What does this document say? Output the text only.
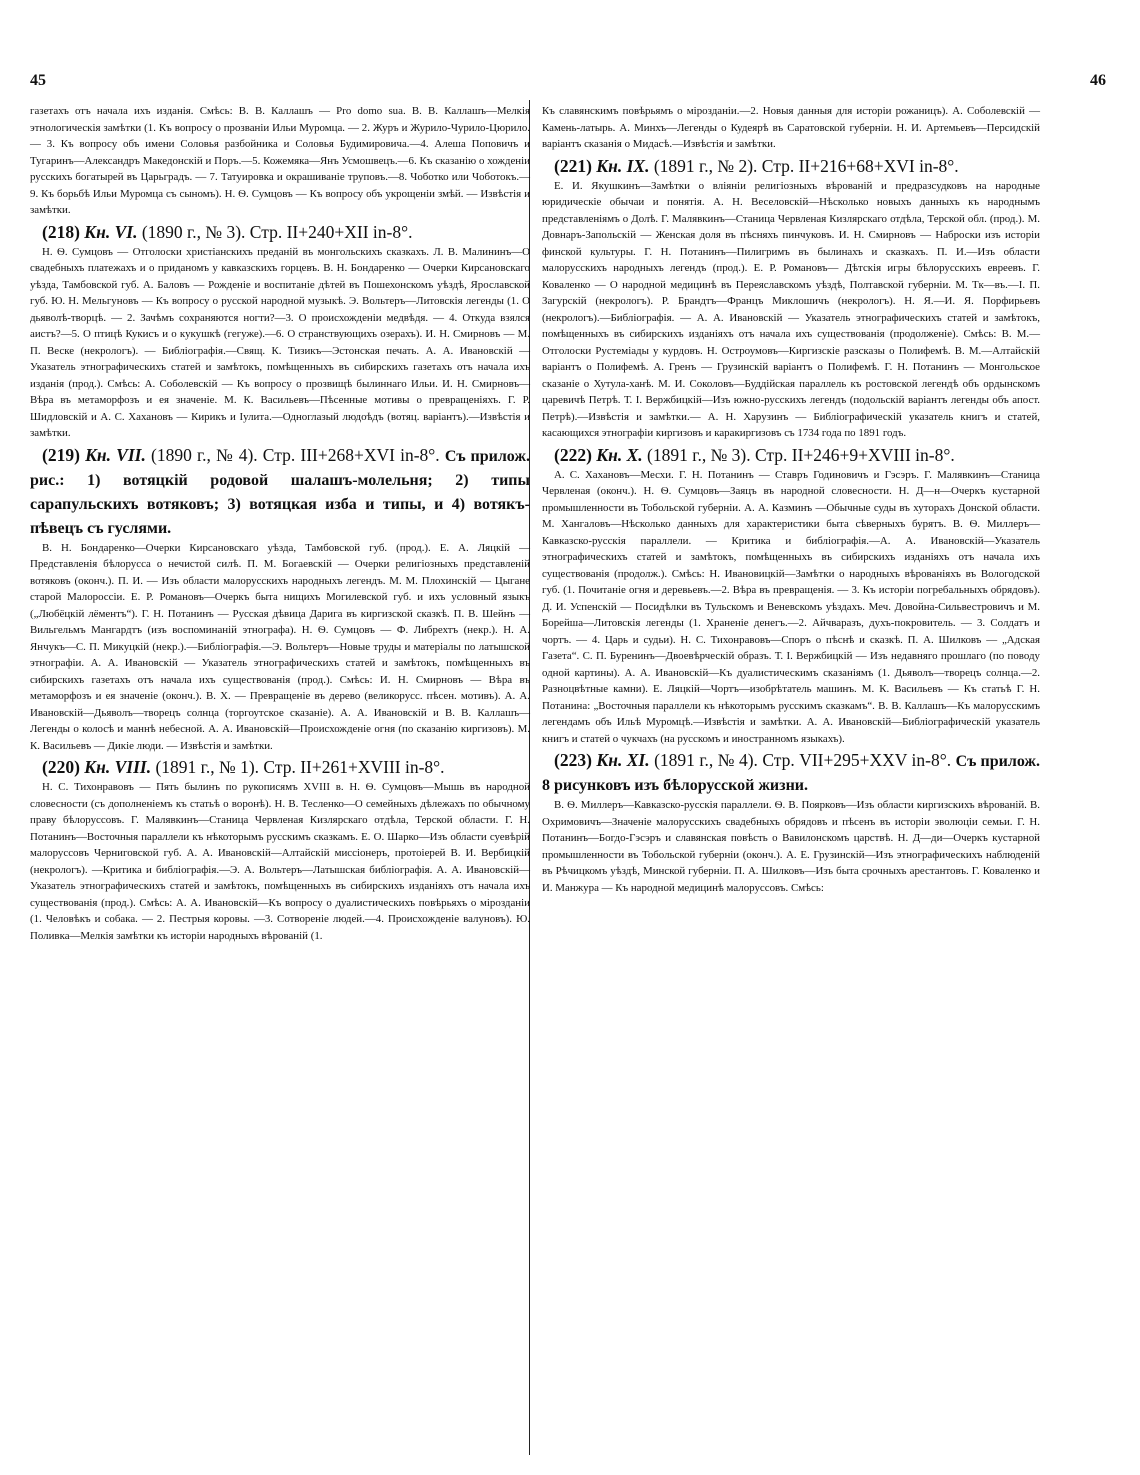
45	46

газетахъ отъ начала ихъ изданія. Смѣсь: В. В. Каллашъ — Pro domo sua. В. В. Каллашъ—Мелкія этнологическія замѣтки (1. Къ вопросу о прозваніи Ильи Муромца. — 2. Журъ и Журило-Чурило-Цюрило. — 3. Къ вопросу объ имени Соловья разбойника и Соловья Будимировича.—4. Алеша Поповичъ и Тугаринъ—Александръ Македонскій и Поръ.—5. Кожемяка—Янъ Усмошвецъ.—6. Къ сказанію о хожденіи русскихъ богатырей въ Царьградъ. — 7. Татуировка и окрашиваніе труповъ.—8. Чоботко или Чоботокъ.—9. Къ борьбѣ Ильи Муромца съ сыномъ). Н. Ѳ. Сумцовъ — Къ вопросу объ укрощеніи змѣй. — Извѣстія и замѣтки.

(218) Кн. VI. (1890 г., № 3). Стр. II+240+XII in-8°.

Н. Ѳ. Сумцовъ — Отголоски христіанскихъ преданій въ монгольскихъ сказкахъ. Л. В. Малининъ—О свадебныхъ платежахъ и о приданомъ у кавказскихъ горцевъ. В. Н. Бондаренко — Очерки Кирсановскаго уѣзда, Тамбовской губ. А. Баловъ — Рожденіе и воспитаніе дѣтей въ Пошехонскомъ уѣздѣ, Ярославской губ. Ю. Н. Мельгуновъ — Къ вопросу о русской народной музыкѣ. Э. Вольтеръ—Литовскія легенды (1. О дьяволѣ-творцѣ. — 2. Зачѣмъ сохраняются ногти?—3. О происхожденіи медвѣдя. — 4. Откуда взялся аистъ?—5. О птицѣ Кукисъ и о кукушкѣ (гегуже).—6. О странствующихъ озерахъ). И. Н. Смирновъ — М. П. Веске (некрологъ). — Библіографія.—Свящ. К. Тизикъ—Эстонская печать. А. А. Ивановскій — Указатель этнографическихъ статей и замѣтокъ, помѣщенныхъ въ сибирскихъ газетахъ отъ начала ихъ изданія (прод.). Смѣсь: А. Соболевскій — Къ вопросу о прозвищѣ былиннаго Ильи. И. Н. Смирновъ—Вѣра въ метаморфозъ и ея значеніе. М. К. Васильевъ—Пѣсенные мотивы о превращеніяхъ. Г. Р. Шидловскій и А. С. Хахановъ — Кирикъ и Іулита.—Одноглазый людоѣдъ (вотяц. варіантъ).—Извѣстія и замѣтки.

(219) Кн. VII. (1890 г., № 4). Стр. III+268+XVI in-8°. Съ прилож. рис.: 1) вотяцкій родовой шалашъ-молельня; 2) типы сарапульскихъ вотяковъ; 3) вотяцкая изба и типы, и 4) вотякъ-пѣвецъ съ гуслями.

В. Н. Бондаренко—Очерки Кирсановскаго уѣзда, Тамбовской губ. (прод.). Е. А. Ляцкій — Представленія бѣлорусса о нечистой силѣ. П. М. Богаевскій — Очерки религіозныхъ представленій вотяковъ (оконч.). П. И. — Изъ области малорусскихъ народныхъ легендъ. М. М. Плохинскій — Цыгане старой Малороссіи. Е. Р. Романовъ—Очеркъ быта нищихъ Могилевской губ. и ихъ условный языкъ („Любёцкій лёментъ“). Г. Н. Потанинъ — Русская дѣвица Дарига въ киргизской сказкѣ. П. В. Шейнъ — Вильгельмъ Мангардтъ (изъ воспоминаній этнографа). Н. Ѳ. Сумцовъ — Ф. Либрехтъ (некр.). Н. А. Янчукъ—С. П. Микуцкій (некр.).—Библіографія.—Э. Вольтеръ—Новые труды и матеріалы по латышской этнографіи. А. А. Ивановскій — Указатель этнографическихъ статей и замѣтокъ, помѣщенныхъ въ сибирскихъ газетахъ отъ начала ихъ существованія (прод.). Смѣсь: И. Н. Смирновъ — Вѣра въ метаморфозъ и ея значеніе (оконч.). В. Х. — Превращеніе въ дерево (великорусс. пѣсен. мотивъ). А. А. Ивановскій—Дьяволъ—творецъ солнца (торгоутское сказаніе). А. А. Ивановскій и В. В. Каллашъ—Легенды о колосѣ и маннѣ небесной. А. А. Ивановскій—Происхожденіе огня (по сказанію киргизовъ). М. К. Васильевъ — Дикіе люди. — Извѣстія и замѣтки.

(220) Кн. VIII. (1891 г., № 1). Стр. II+261+XVIII in-8°.

Н. С. Тихонравовъ — Пять былинъ по рукописямъ XVIII в. Н. Ѳ. Сумцовъ—Мышь въ народной словесности (съ дополненіемъ къ статьѣ о воронѣ). Н. В. Тесленко—О семейныхъ дѣлежахъ по обычному праву бѣлоруссовъ. Г. Малявкинъ—Станица Червленая Кизлярскаго отдѣла, Терской области. Г. Н. Потанинъ—Восточныя параллели къ нѣкоторымъ русскимъ сказкамъ. Е. О. Шарко—Изъ области суевѣрій малоруссовъ Черниговской губ. А. А. Ивановскій—Алтайскій миссіонеръ, протоіерей В. И. Вербицкій (некрологъ). —Критика и библіографія.—Э. А. Вольтеръ—Латышская библіографія. А. А. Ивановскій—Указатель этнографическихъ статей и замѣтокъ, помѣщенныхъ въ сибирскихъ изданіяхъ отъ начала ихъ существованія (прод.). Смѣсь: А. А. Ивановскій—Къ вопросу о дуалистическихъ повѣрьяхъ о мірозданіи (1. Человѣкъ и собака. — 2. Пестрыя коровы. —3. Сотвореніе людей.—4. Происхожденіе валуновъ). Ю. Поливка—Мелкія замѣтки къ исторіи народныхъ вѣрованій (1.

Къ славянскимъ повѣрьямъ о мірозданіи.—2. Новыя данныя для исторіи рожаницъ). А. Соболевскій — Камень-латырь. А. Минхъ—Легенды о Кудеярѣ въ Саратовской губерніи. Н. И. Артемьевъ—Персидскій варіантъ сказанія о Мидасѣ.—Извѣстія и замѣтки.

(221) Кн. IX. (1891 г., № 2). Стр. II+216+68+XVI in-8°.

Е. И. Якушкинъ—Замѣтки о вліяніи религіозныхъ вѣрованій и предразсудковъ на народные юридическіе обычаи и понятія. А. Н. Веселовскій—Нѣсколько новыхъ данныхъ къ народнымъ представленіямъ о Долѣ. Г. Малявкинъ—Станица Червленая Кизлярскаго отдѣла, Терской обл. (прод.). М. Довнаръ-Запольскій — Женская доля въ пѣсняхъ пинчуковъ. И. Н. Смирновъ — Наброски изъ исторіи финской культуры. Г. Н. Потанинъ—Пилигримъ въ былинахъ и сказкахъ. П. И.—Изъ области малорусскихъ народныхъ легендъ (прод.). Е. Р. Романовъ— Дѣтскія игры бѣлорусскихъ евреевъ. Г. Коваленко — О народной медицинѣ въ Переяславскомъ уѣздѣ, Полтавской губерніи. М. Тк—въ.—І. П. Загурскій (некрологъ). Р. Брандтъ—Францъ Миклошичъ (некрологъ). Н. Я.—И. Я. Порфирьевъ (некрологъ).—Библіографія. — А. А. Ивановскій — Указатель этнографическихъ статей и замѣтокъ, помѣщенныхъ въ сибирскихъ изданіяхъ отъ начала ихъ существованія (продолженіе). Смѣсь: В. М.—Отголоски Рустеміады у курдовъ. Н. Остроумовъ—Киргизскіе разсказы о Полифемѣ. В. М.—Алтайскій варіантъ о Полифемѣ. А. Гренъ — Грузинскій варіантъ о Полифемѣ. Г. Н. Потанинъ — Монгольское сказаніе о Хутула-ханѣ. М. И. Соколовъ—Буддійская параллель къ ростовской легендѣ объ ордынскомъ царевичѣ Петрѣ. Т. І. Вержбицкій—Изъ южно-русскихъ легендъ (подольскій варіантъ легенды объ апост. Петрѣ).—Извѣстія и замѣтки.— А. Н. Харузинъ — Библіографическій указатель книгъ и статей, касающихся этнографіи киргизовъ и каракиргизовъ съ 1734 года по 1891 годъ.

(222) Кн. X. (1891 г., № 3). Стр. II+246+9+XVIII in-8°.

А. С. Хахановъ—Месхи. Г. Н. Потанинъ — Ставръ Годиновичъ и Гэсэръ. Г. Малявкинъ—Станица Червленая (оконч.). Н. Ѳ. Сумцовъ—Заяцъ въ народной словесности. Н. Д—н—Очеркъ кустарной промышленности въ Тобольской губерніи. А. А. Казминъ —Обычные суды въ хуторахъ Донской области. М. Хангаловъ—Нѣсколько данныхъ для характеристики быта сѣверныхъ бурятъ. В. Ѳ. Миллеръ—Кавказско-русскія параллели. — Критика и библіографія.—А. А. Ивановскій—Указатель этнографическихъ статей и замѣтокъ, помѣщенныхъ въ сибирскихъ изданіяхъ отъ начала ихъ существованія (продолж.). Смѣсь: Н. Ивановицкій—Замѣтки о народныхъ вѣрованіяхъ въ Вологодской губ. (1. Почитаніе огня и деревьевъ.—2. Вѣра въ превращенія. — 3. Къ исторіи погребальныхъ обрядовъ). Д. И. Успенскій — Посидѣлки въ Тульскомъ и Веневскомъ уѣздахъ. Меч. Довойна-Сильвестровичъ и М. Борейша—Литовскія легенды (1. Храненіе денегъ.—2. Айчваразъ, духъ-покровитель. — 3. Солдатъ и чортъ. — 4. Царь и судьи). Н. С. Тихонравовъ—Споръ о пѣснѣ и сказкѣ. П. А. Шилковъ — „Адская Газета“. С. П. Буренинъ—Двоевѣрческій образъ. Т. І. Вержбицкій — Изъ недавняго прошлаго (по поводу одной картины). А. А. Ивановскій—Къ дуалистическимъ сказаніямъ (1. Дьяволъ—творецъ солнца.—2. Разноцвѣтные камни). Е. Ляцкій—Чортъ—изобрѣтатель машинъ. М. К. Васильевъ — Къ статьѣ Г. Н. Потанина: „Восточныя параллели къ нѣкоторымъ русскимъ сказкамъ“. В. В. Каллашъ—Къ малорусскимъ легендамъ объ Ильѣ Муромцѣ.—Извѣстія и замѣтки. А. А. Ивановскій—Библіографическій указатель книгъ и статей о чукчахъ (на русскомъ и иностранномъ языкахъ).

(223) Кн. XI. (1891 г., № 4). Стр. VII+295+XXV in-8°. Съ прилож. 8 рисунковъ изъ бѣлорусской жизни.

В. Ѳ. Миллеръ—Кавказско-русскія параллели. Ѳ. В. Поярковъ—Изъ области киргизскихъ вѣрованій. В. Охримовичъ—Значеніе малорусскихъ свадебныхъ обрядовъ и пѣсенъ въ исторіи эволюціи семьи. Г. Н. Потанинъ—Богдо-Гэсэръ и славянская повѣсть о Вавилонскомъ царствѣ. Н. Д—ди—Очеркъ кустарной промышленности въ Тобольской губерніи (оконч.). А. Е. Грузинскій—Изъ этнографическихъ наблюденій въ Рѣчицкомъ уѣздѣ, Минской губерніи. П. А. Шилковъ—Изъ быта срочныхъ арестантовъ. Г. Коваленко и И. Манжура — Къ народной медицинѣ малоруссовъ. Смѣсь:
